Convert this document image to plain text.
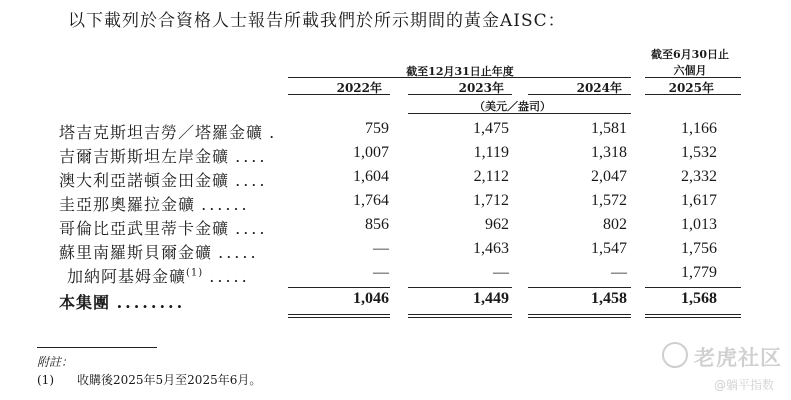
以下載列於合資格人士報告所載我們於所示期間的黃金AISC：
截至6月30日止
六個月
截至12月31日止年度
2022年	2023年	2024年	2025年
（美元／盎司）
塔吉克斯坦吉勞／塔羅金礦 .	759	1,475	1,581	1,166
吉爾吉斯斯坦左岸金礦 ....	1,007	1,119	1,318	1,532
澳大利亞諾頓金田金礦 ....	1,604	2,112	2,047	2,332
圭亞那奧羅拉金礦 ......	1,764	1,712	1,572	1,617
哥倫比亞武里蒂卡金礦 ....	856	962	802	1,013
蘇里南羅斯貝爾金礦 .....	—	1,463	1,547	1,756
加納阿基姆金礦$^{(1)}$ .....	—	—	—	1,779
本集團 ........	1,046	1,449	1,458	1,568
附註：
(1) 收購後2025年5月至2025年6月。
老虎社区
@躺平指数
